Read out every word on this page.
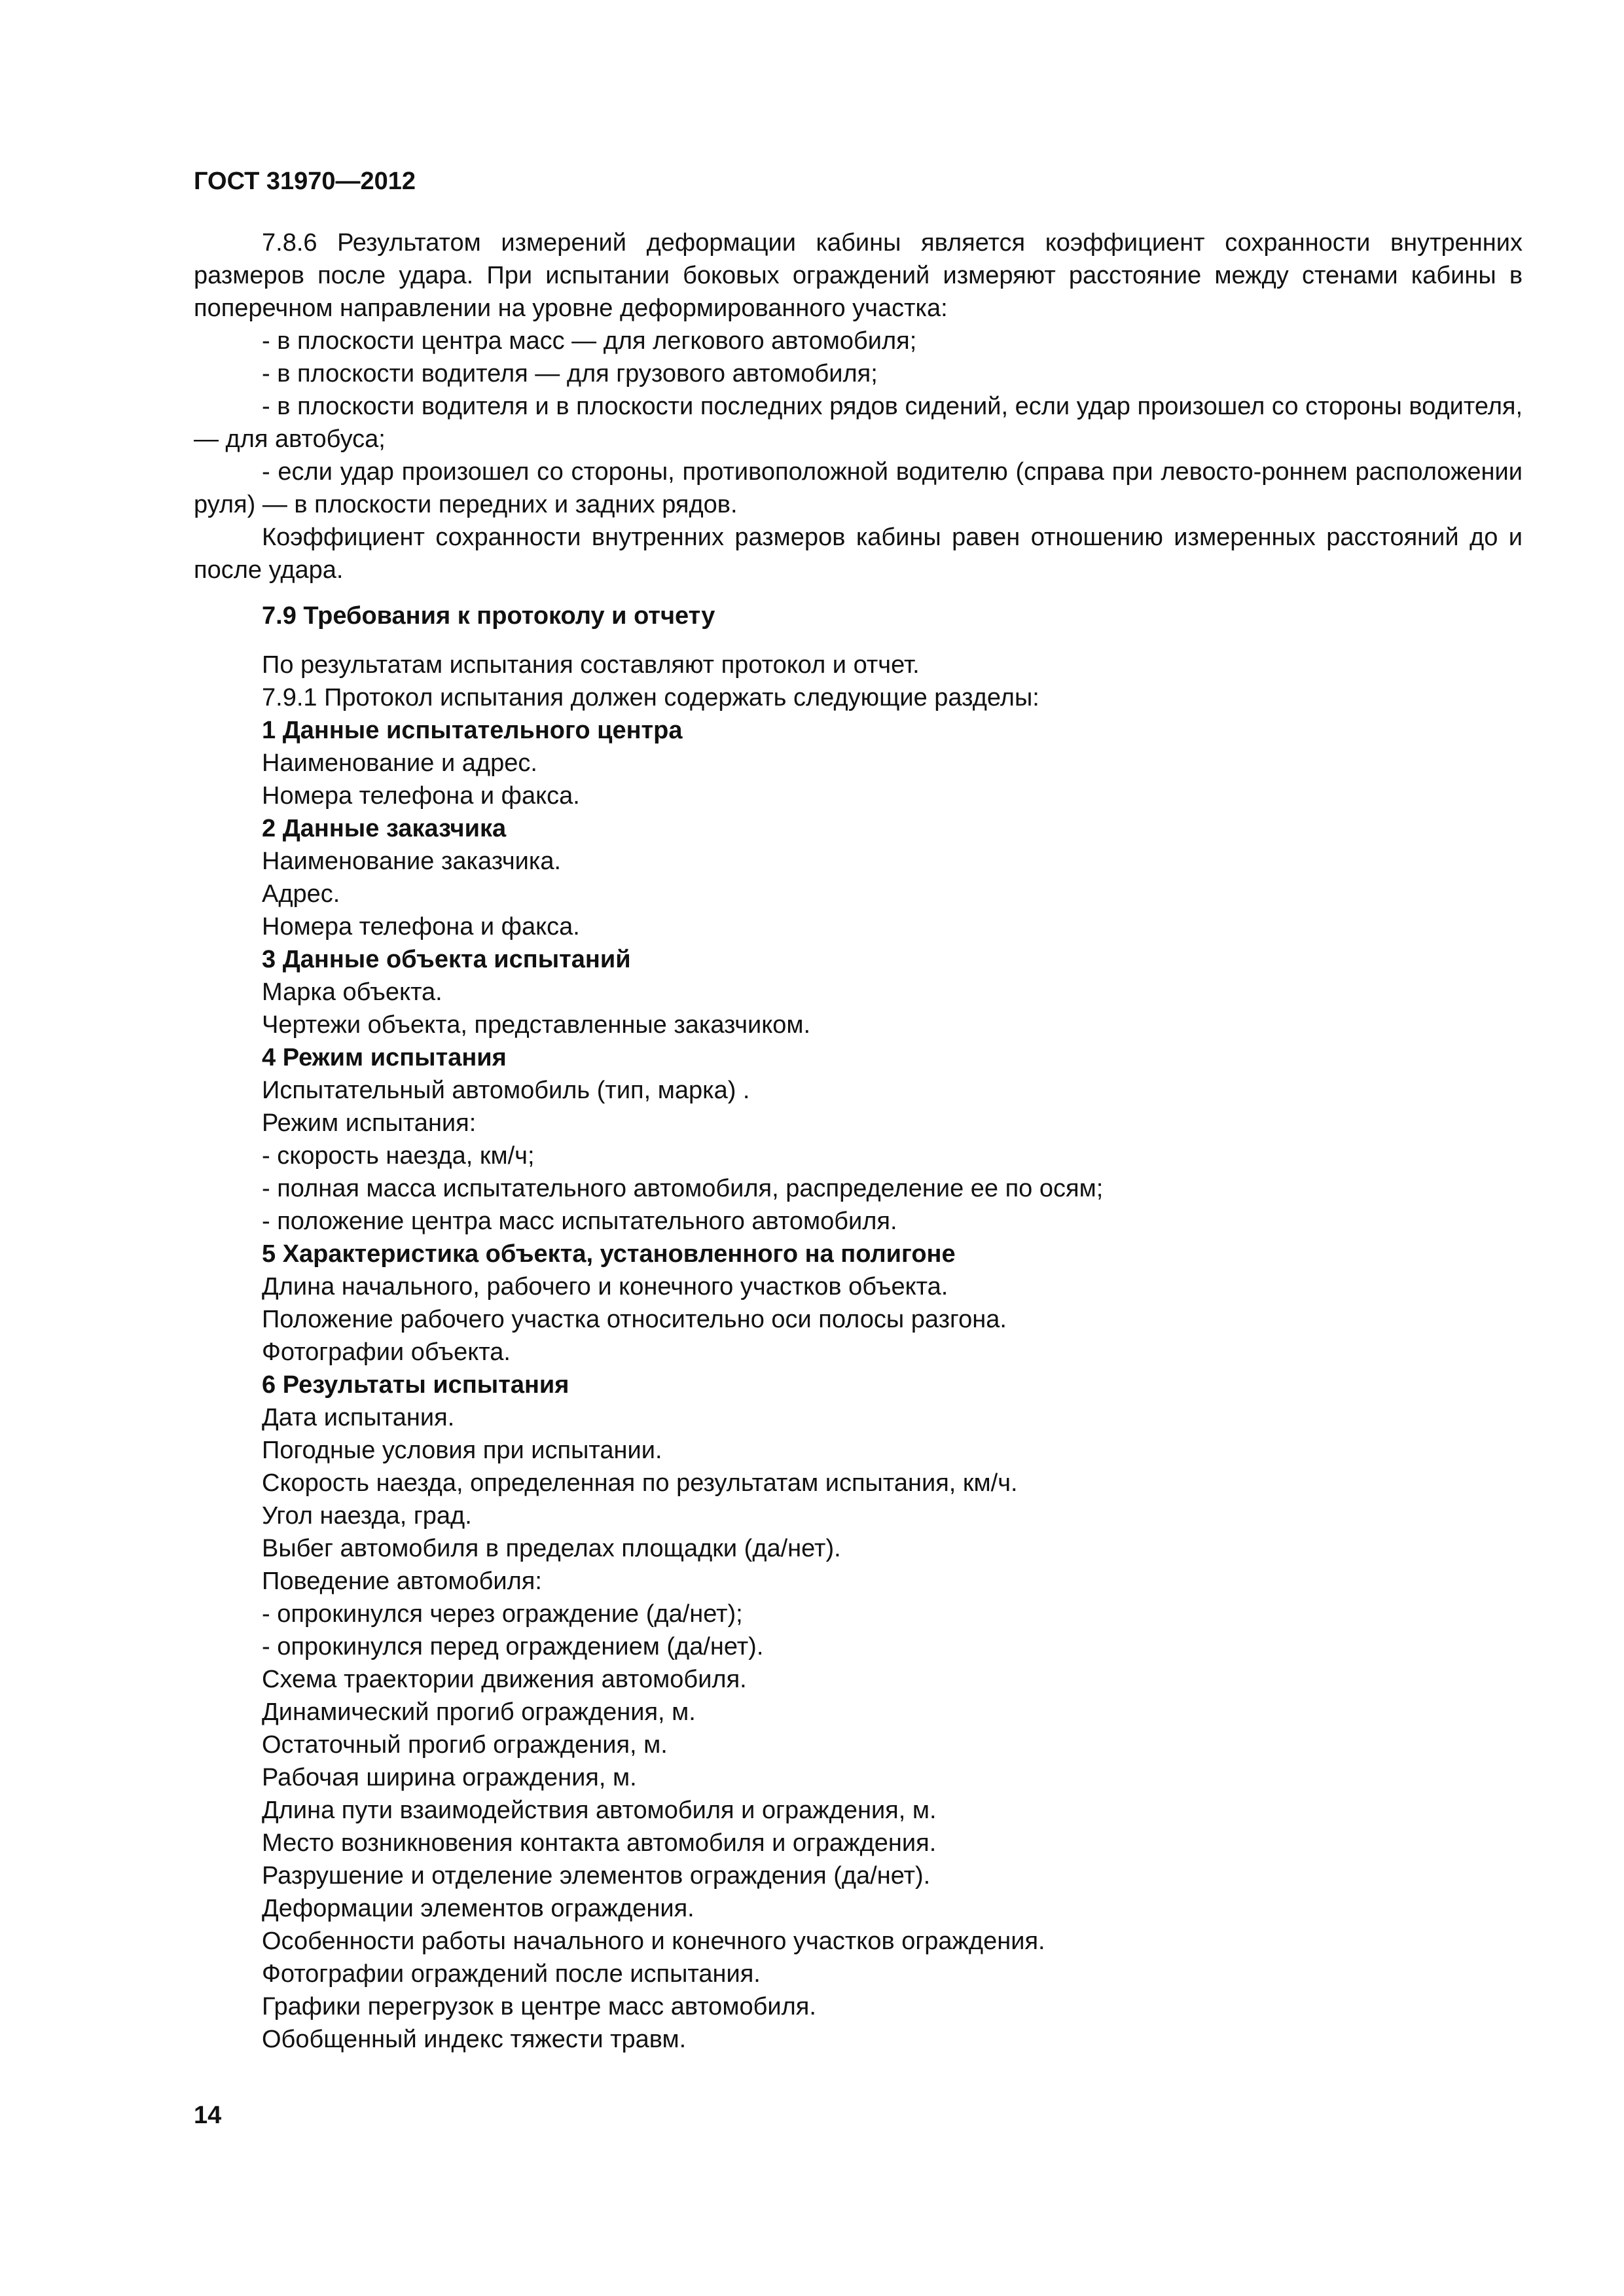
ГОСТ 31970—2012

7.8.6 Результатом измерений деформации кабины является коэффициент сохранности внутренних размеров после удара. При испытании боковых ограждений измеряют расстояние между стенами кабины в поперечном направлении на уровне деформированного участка:

- в плоскости центра масс — для легкового автомобиля;

- в плоскости водителя — для грузового автомобиля;

- в плоскости водителя и в плоскости последних рядов сидений, если удар произошел со стороны водителя, — для автобуса;

- если удар произошел со стороны, противоположной водителю (справа при левосто-роннем расположении руля) — в плоскости передних и задних рядов.

Коэффициент сохранности внутренних размеров кабины равен отношению измеренных расстояний до и после удара.

7.9 Требования к протоколу и отчету

По результатам испытания составляют протокол и отчет.

7.9.1 Протокол испытания должен содержать следующие разделы:

1 Данные испытательного центра

Наименование и адрес.

Номера телефона и факса.

2 Данные заказчика

Наименование заказчика.

Адрес.

Номера телефона и факса.

3 Данные объекта испытаний

Марка объекта.

Чертежи объекта, представленные заказчиком.

4 Режим испытания

Испытательный автомобиль (тип, марка) .

Режим испытания:

- скорость наезда, км/ч;

- полная масса испытательного автомобиля, распределение ее по осям;

- положение центра масс испытательного автомобиля.

5 Характеристика объекта, установленного на полигоне

Длина начального, рабочего и конечного участков объекта.

Положение рабочего участка относительно оси полосы разгона.

Фотографии объекта.

6 Результаты испытания

Дата испытания.

Погодные условия при испытании.

Скорость наезда, определенная по результатам испытания, км/ч.

Угол наезда, град.

Выбег автомобиля в пределах площадки (да/нет).

Поведение автомобиля:

- опрокинулся через ограждение (да/нет);

- опрокинулся перед ограждением (да/нет).

Схема траектории движения автомобиля.

Динамический прогиб ограждения, м.

Остаточный прогиб ограждения, м.

Рабочая ширина ограждения, м.

Длина пути взаимодействия автомобиля и ограждения, м.

Место возникновения контакта автомобиля и ограждения.

Разрушение и отделение элементов ограждения (да/нет).

Деформации элементов ограждения.

Особенности работы начального и конечного участков ограждения.

Фотографии ограждений после испытания.

Графики перегрузок в центре масс автомобиля.

Обобщенный индекс тяжести травм.

14
